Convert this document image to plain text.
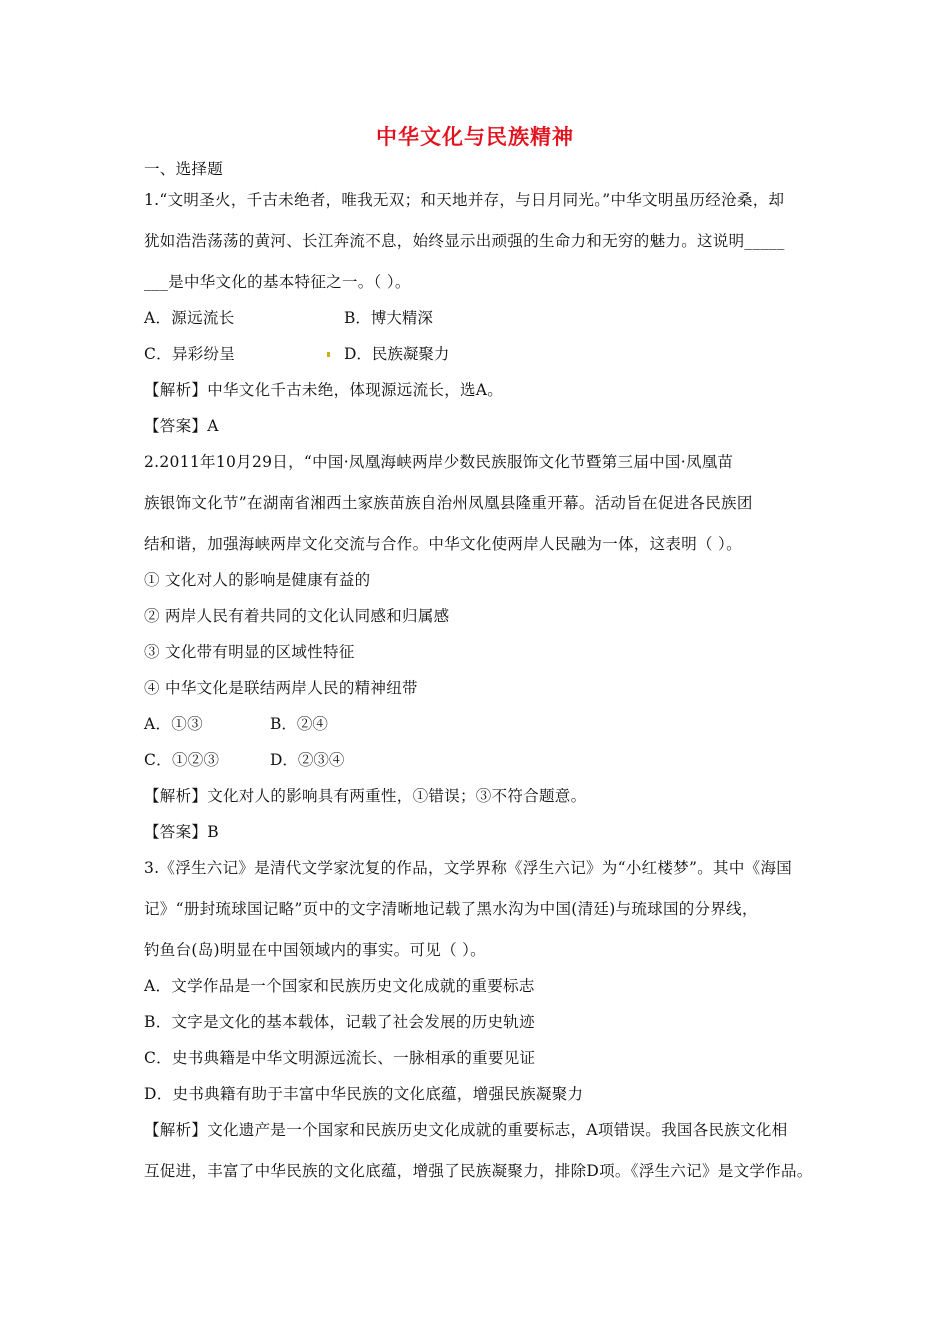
中华文化与民族精神
一、选择题
1.“文明圣火，千古未绝者，唯我无双；和天地并存，与日月同光。”中华文明虽历经沧桑，却
犹如浩浩荡荡的黄河、长江奔流不息，始终显示出顽强的生命力和无穷的魅力。这说明_____
___是中华文化的基本特征之一。（ ）。
A．源远流长	B．博大精深
C．异彩纷呈	D．民族凝聚力
【解析】中华文化千古未绝，体现源远流长，选A。
【答案】A
2.2011年10月29日，“中国·凤凰海峡两岸少数民族服饰文化节暨第三届中国·凤凰苗
族银饰文化节”在湖南省湘西土家族苗族自治州凤凰县隆重开幕。活动旨在促进各民族团
结和谐，加强海峡两岸文化交流与合作。中华文化使两岸人民融为一体，这表明（ ）。
① 文化对人的影响是健康有益的
② 两岸人民有着共同的文化认同感和归属感
③ 文化带有明显的区域性特征
④ 中华文化是联结两岸人民的精神纽带
A．①③	B．②④
C．①②③	D．②③④
【解析】文化对人的影响具有两重性，①错误；③不符合题意。
【答案】B
3.《浮生六记》是清代文学家沈复的作品，文学界称《浮生六记》为“小红楼梦”。其中《海国
记》“册封琉球国记略”页中的文字清晰地记载了黑水沟为中国(清廷)与琉球国的分界线，
钓鱼台(岛)明显在中国领域内的事实。可见（ ）。
A．文学作品是一个国家和民族历史文化成就的重要标志
B．文字是文化的基本载体，记载了社会发展的历史轨迹
C．史书典籍是中华文明源远流长、一脉相承的重要见证
D．史书典籍有助于丰富中华民族的文化底蕴，增强民族凝聚力
【解析】文化遗产是一个国家和民族历史文化成就的重要标志，A项错误。我国各民族文化相
互促进，丰富了中华民族的文化底蕴，增强了民族凝聚力，排除D项。《浮生六记》是文学作品。
